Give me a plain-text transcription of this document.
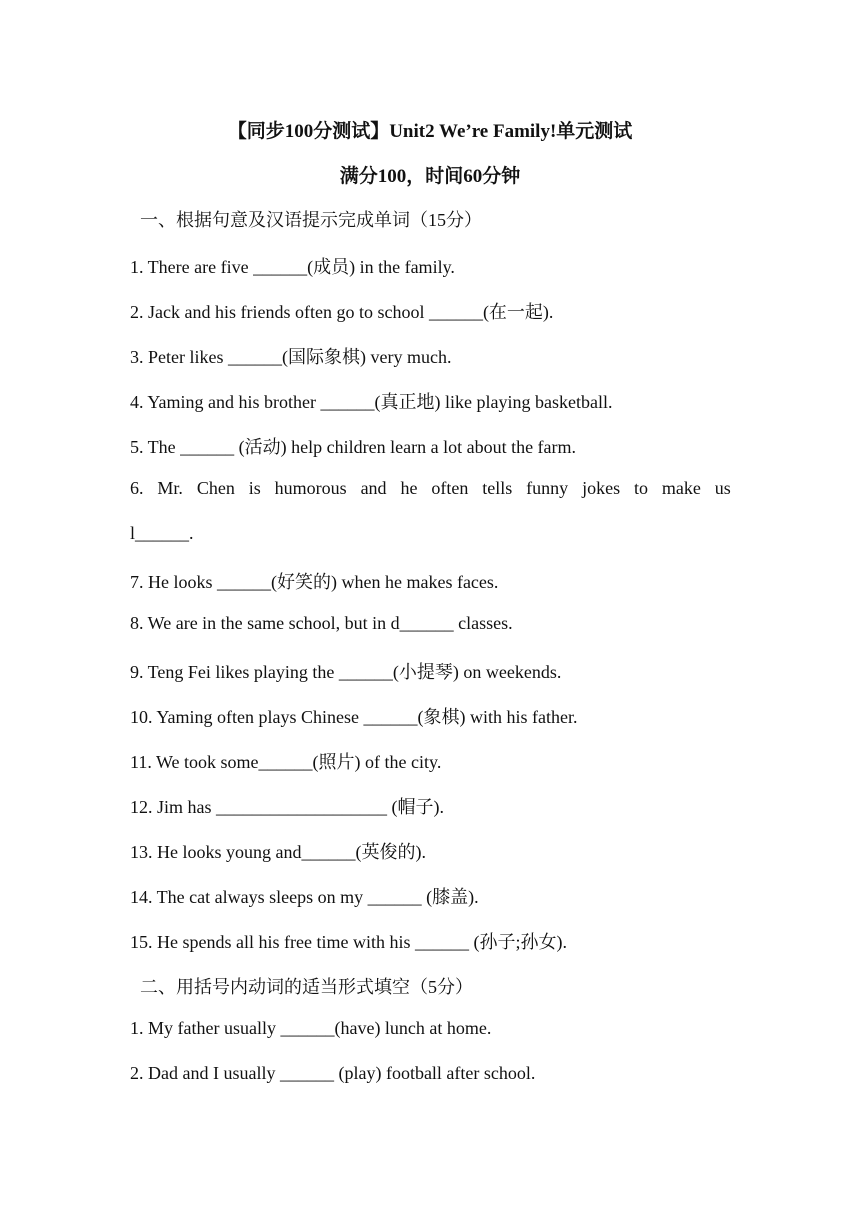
【同步100分测试】Unit2 We’re Family!单元测试
满分100，时间60分钟
一、根据句意及汉语提示完成单词（15分）
1. There are five ______(成员) in the family.
2. Jack and his friends often go to school ______(在一起).
3. Peter likes ______(国际象棋) very much.
4. Yaming and his brother ______(真正地) like playing basketball.
5. The ______ (活动) help children learn a lot about the farm.
6. Mr. Chen is humorous and he often tells funny jokes to make us
l______.
7. He looks ______(好笑的) when he makes faces.
8. We are in the same school, but in d______ classes.
9. Teng Fei likes playing the ______(小提琴) on weekends.
10. Yaming often plays Chinese ______(象棋) with his father.
11. We took some______(照片) of the city.
12. Jim has ___________________ (帽子).
13. He looks young and______(英俊的).
14. The cat always sleeps on my ______ (膝盖).
15. He spends all his free time with his ______ (孙子;孙女).
二、用括号内动词的适当形式填空（5分）
1. My father usually ______(have) lunch at home.
2. Dad and I usually ______ (play) football after school.
